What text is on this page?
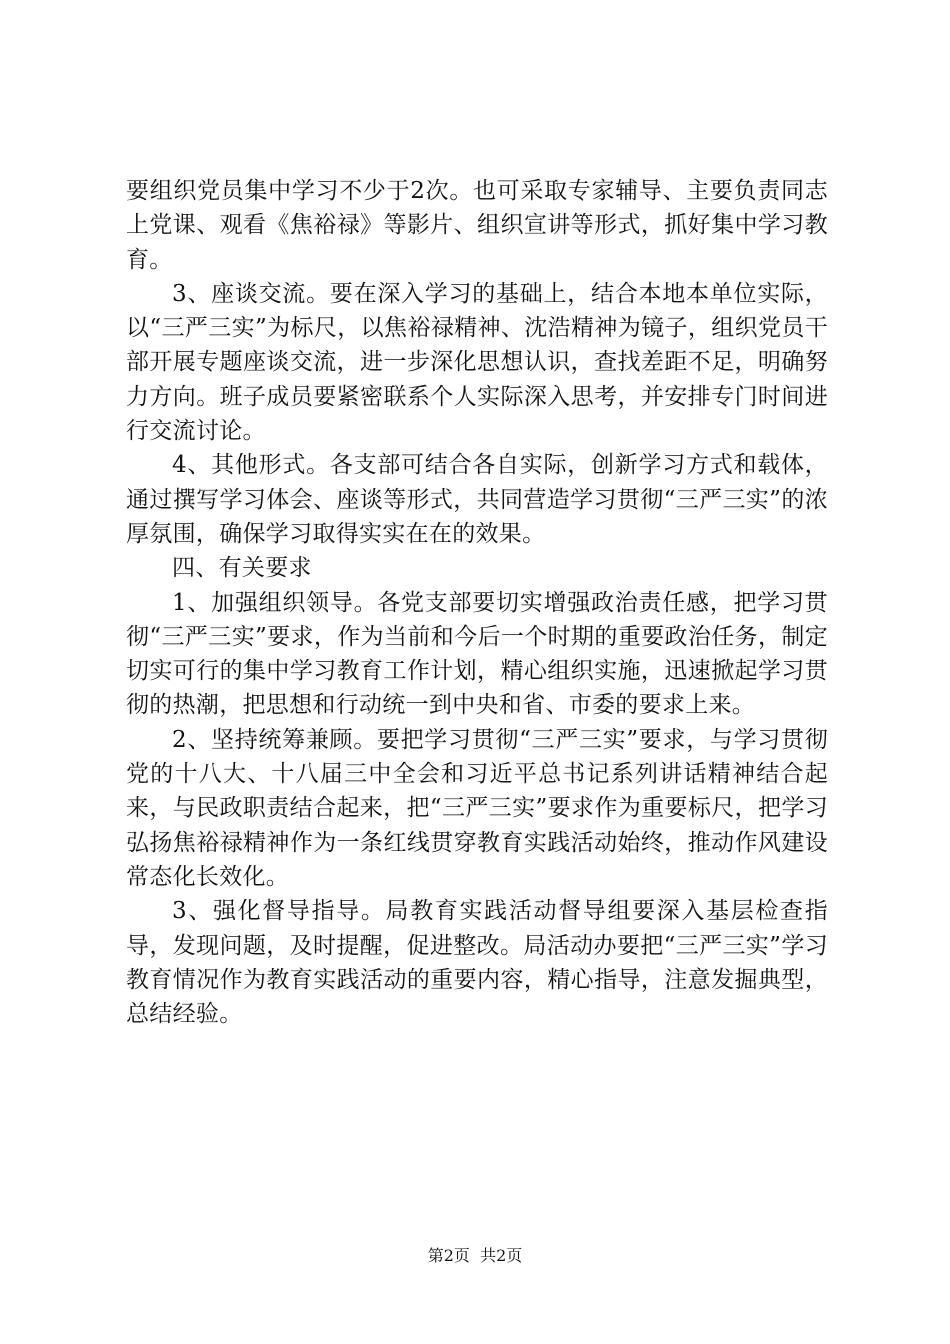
要组织党员集中学习不少于2次。也可采取专家辅导、主要负责同志上党课、观看《焦裕禄》等影片、组织宣讲等形式，抓好集中学习教育。

3、座谈交流。要在深入学习的基础上，结合本地本单位实际，以“三严三实”为标尺，以焦裕禄精神、沈浩精神为镜子，组织党员干部开展专题座谈交流，进一步深化思想认识，查找差距不足，明确努力方向。班子成员要紧密联系个人实际深入思考，并安排专门时间进行交流讨论。

4、其他形式。各支部可结合各自实际，创新学习方式和载体，通过撰写学习体会、座谈等形式，共同营造学习贯彻“三严三实”的浓厚氛围，确保学习取得实实在在的效果。

四、有关要求

1、加强组织领导。各党支部要切实增强政治责任感，把学习贯彻“三严三实”要求，作为当前和今后一个时期的重要政治任务，制定切实可行的集中学习教育工作计划，精心组织实施，迅速掀起学习贯彻的热潮，把思想和行动统一到中央和省、市委的要求上来。

2、坚持统筹兼顾。要把学习贯彻“三严三实”要求，与学习贯彻党的十八大、十八届三中全会和习近平总书记系列讲话精神结合起来，与民政职责结合起来，把“三严三实”要求作为重要标尺，把学习弘扬焦裕禄精神作为一条红线贯穿教育实践活动始终，推动作风建设常态化长效化。

3、强化督导指导。局教育实践活动督导组要深入基层检查指导，发现问题，及时提醒，促进整改。局活动办要把“三严三实”学习教育情况作为教育实践活动的重要内容，精心指导，注意发掘典型，总结经验。

第2页  共2页
